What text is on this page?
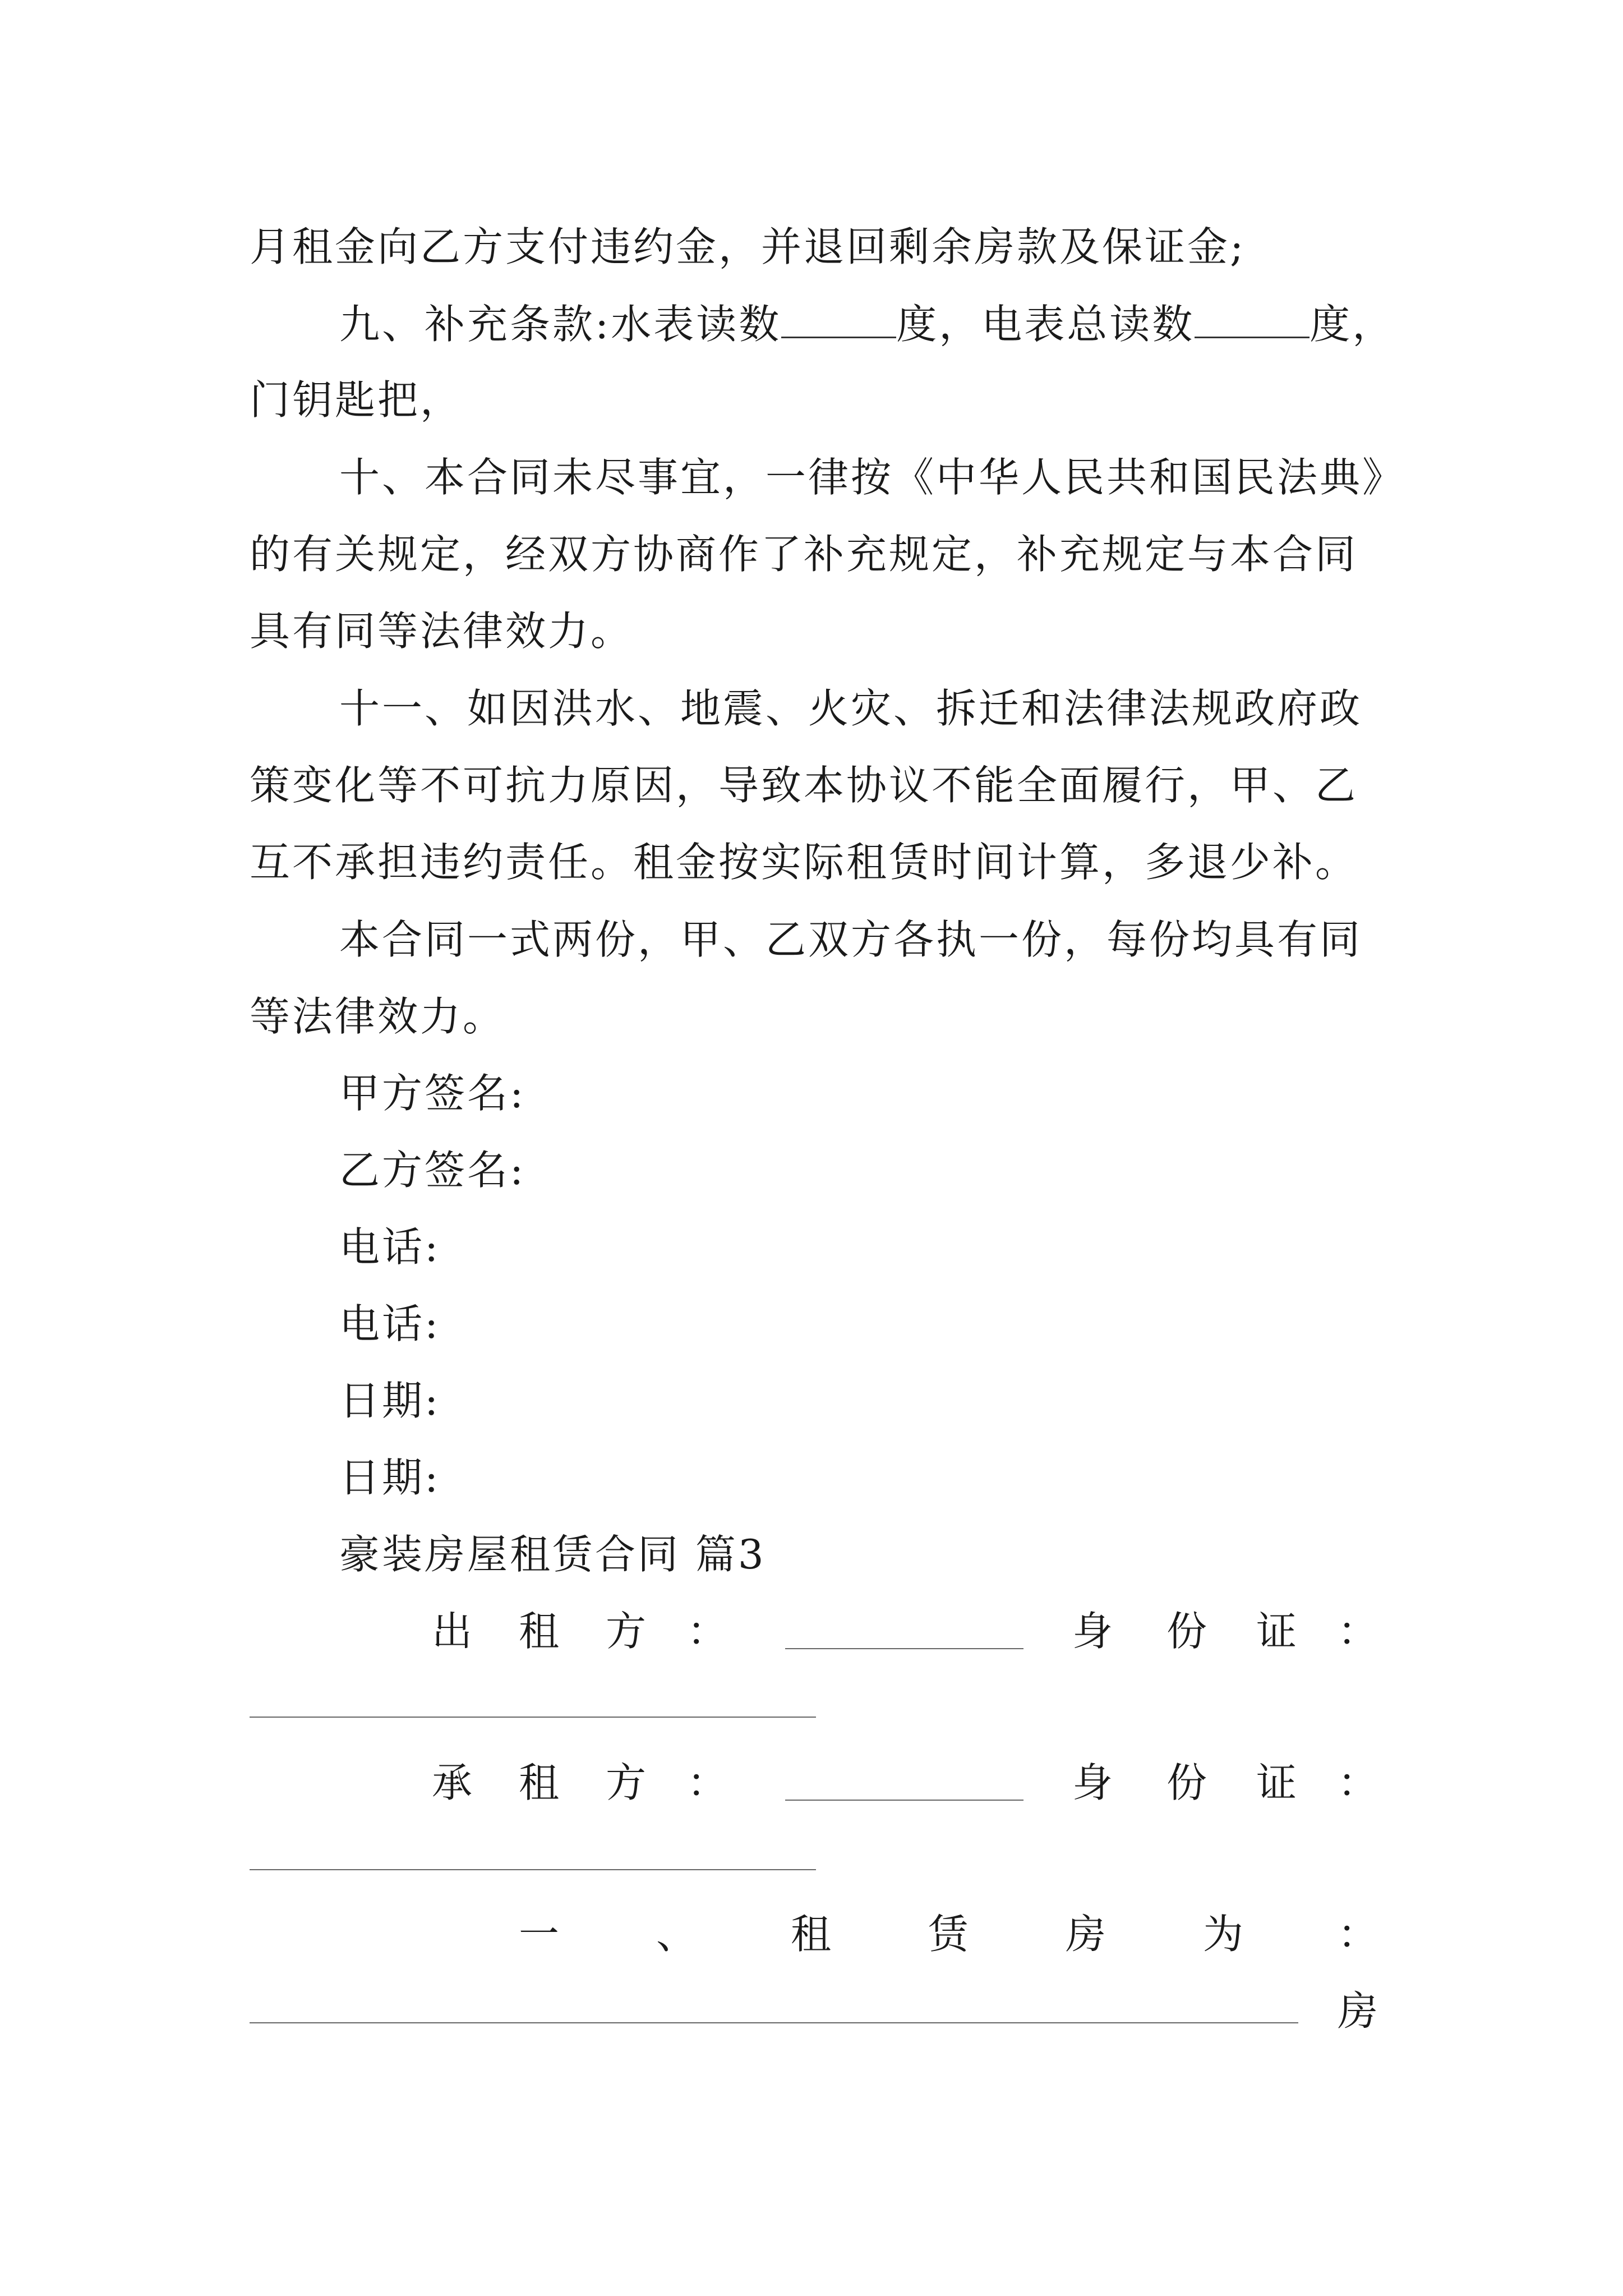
月租金向乙方支付违约金，并退回剩余房款及保证金;
九、补充条款:水表读数	度，电表总读数	度，
门钥匙把，
十、本合同未尽事宜，一律按《中华人民共和国民法典》
的有关规定，经双方协商作了补充规定，补充规定与本合同
具有同等法律效力。
十一、如因洪水、地震、火灾、拆迁和法律法规政府政
策变化等不可抗力原因，导致本协议不能全面履行，甲、乙
互不承担违约责任。租金按实际租赁时间计算，多退少补。
本合同一式两份，甲、乙双方各执一份，每份均具有同
等法律效力。
甲方签名:
乙方签名:
电话:
电话:
日期:
日期:
豪装房屋租赁合同 篇3
出 租 方 ：	身 份 证 ：
承 租 方 ：	身 份 证 ：
一 、 租 赁 房 为 ：
房
